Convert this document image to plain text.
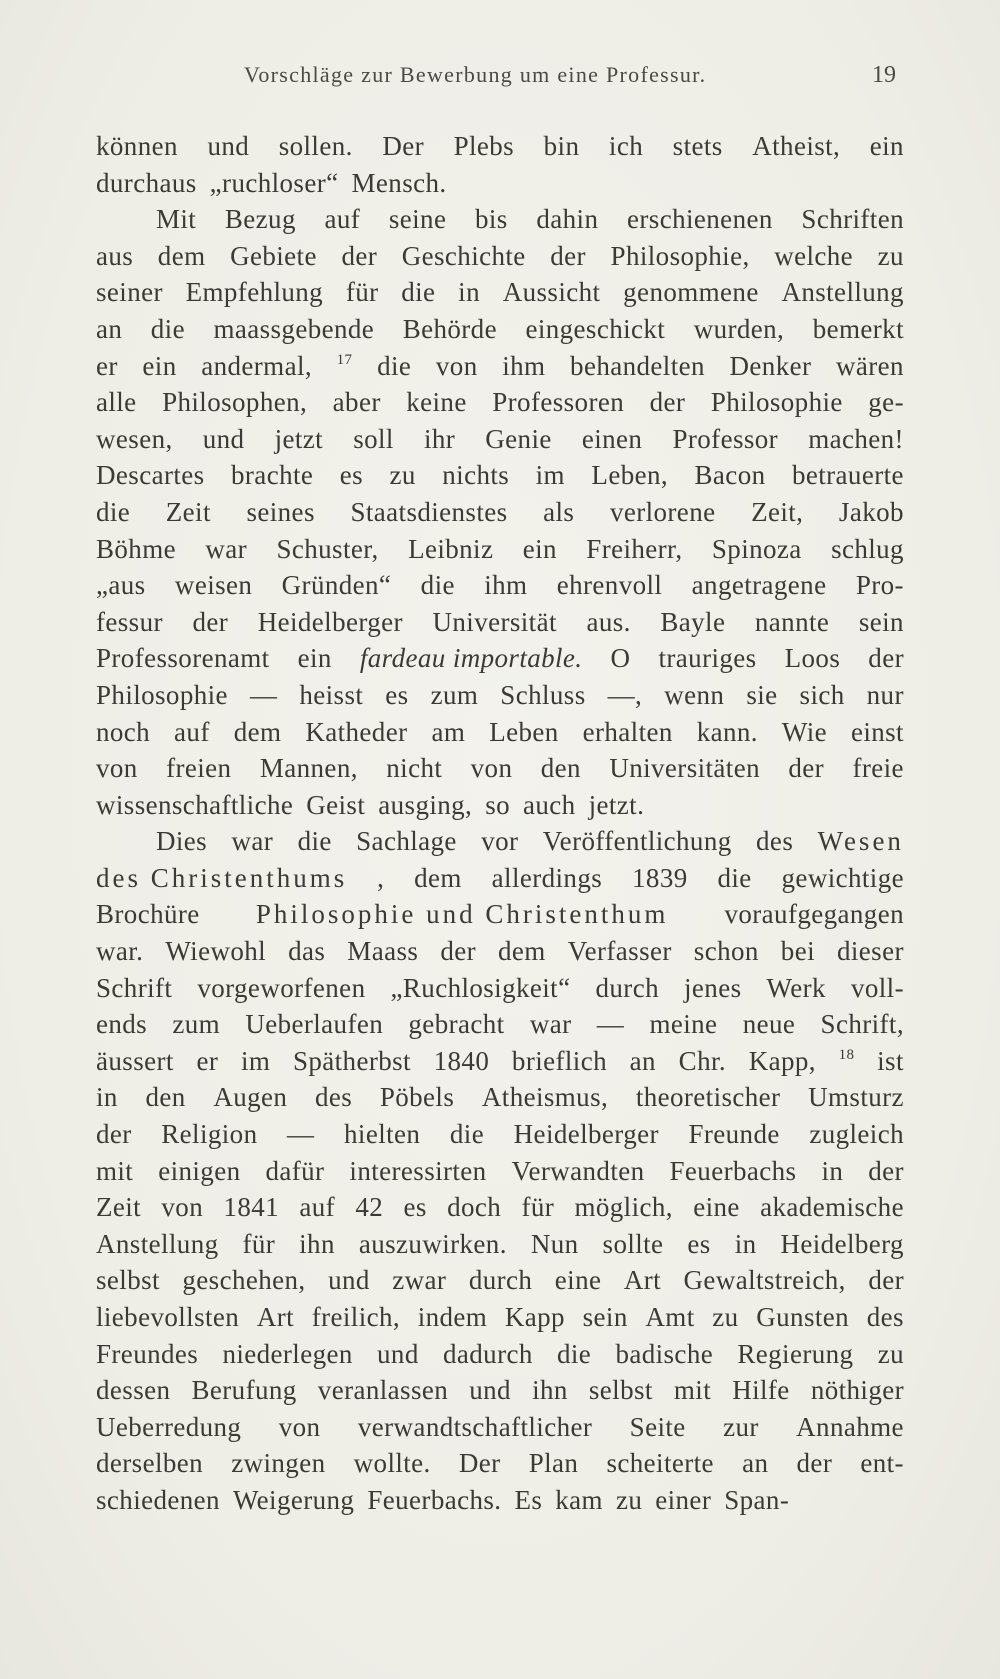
Vorschläge zur Bewerbung um eine Professur.	19
können und sollen. Der Plebs bin ich stets Atheist, ein
durchaus „ruchloser“ Mensch.
Mit Bezug auf seine bis dahin erschienenen Schriften
aus dem Gebiete der Geschichte der Philosophie, welche zu
seiner Empfehlung für die in Aussicht genommene Anstellung
an die maassgebende Behörde eingeschickt wurden, bemerkt
er ein andermal, $^{17}$ die von ihm behandelten Denker wären
alle Philosophen, aber keine Professoren der Philosophie ge-
wesen, und jetzt soll ihr Genie einen Professor machen!
Descartes brachte es zu nichts im Leben, Bacon betrauerte
die Zeit seines Staatsdienstes als verlorene Zeit, Jakob
Böhme war Schuster, Leibniz ein Freiherr, Spinoza schlug
„aus weisen Gründen“ die ihm ehrenvoll angetragene Pro-
fessur der Heidelberger Universität aus. Bayle nannte sein
Professorenamt ein fardeau importable. O trauriges Loos der
Philosophie — heisst es zum Schluss —, wenn sie sich nur
noch auf dem Katheder am Leben erhalten kann. Wie einst
von freien Mannen, nicht von den Universitäten der freie
wissenschaftliche Geist ausging, so auch jetzt.
Dies war die Sachlage vor Veröffentlichung des Wesen
des Christenthums , dem allerdings 1839 die gewichtige
Brochüre Philosophie und Christenthum voraufgegangen
war. Wiewohl das Maass der dem Verfasser schon bei dieser
Schrift vorgeworfenen „Ruchlosigkeit“ durch jenes Werk voll-
ends zum Ueberlaufen gebracht war — meine neue Schrift,
äussert er im Spätherbst 1840 brieflich an Chr. Kapp, $^{18}$ ist
in den Augen des Pöbels Atheismus, theoretischer Umsturz
der Religion — hielten die Heidelberger Freunde zugleich
mit einigen dafür interessirten Verwandten Feuerbachs in der
Zeit von 1841 auf 42 es doch für möglich, eine akademische
Anstellung für ihn auszuwirken. Nun sollte es in Heidelberg
selbst geschehen, und zwar durch eine Art Gewaltstreich, der
liebevollsten Art freilich, indem Kapp sein Amt zu Gunsten des
Freundes niederlegen und dadurch die badische Regierung zu
dessen Berufung veranlassen und ihn selbst mit Hilfe nöthiger
Ueberredung von verwandtschaftlicher Seite zur Annahme
derselben zwingen wollte. Der Plan scheiterte an der ent-
schiedenen Weigerung Feuerbachs. Es kam zu einer Span-
